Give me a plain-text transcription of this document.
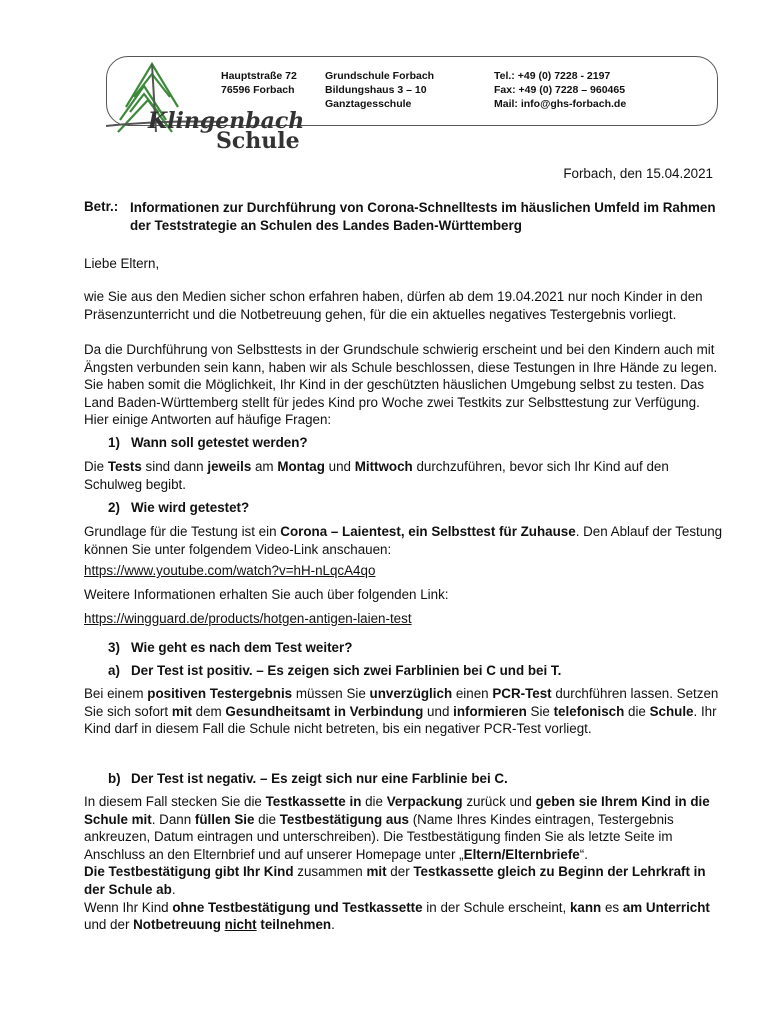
Klingenbach
Schule
Hauptstraße 72
76596 Forbach
Grundschule Forbach
Bildungshaus 3 – 10
Ganztagesschule
Tel.: +49 (0) 7228 - 2197
Fax: +49 (0) 7228 – 960465
Mail: info@ghs-forbach.de
Forbach, den 15.04.2021
Betr.: Informationen zur Durchführung von Corona-Schnelltests im häuslichen Umfeld im Rahmen der Teststrategie an Schulen des Landes Baden-Württemberg

Liebe Eltern,

wie Sie aus den Medien sicher schon erfahren haben, dürfen ab dem 19.04.2021 nur noch Kinder in den Präsenzunterricht und die Notbetreuung gehen, für die ein aktuelles negatives Testergebnis vorliegt.

Da die Durchführung von Selbsttests in der Grundschule schwierig erscheint und bei den Kindern auch mit Ängsten verbunden sein kann, haben wir als Schule beschlossen, diese Testungen in Ihre Hände zu legen. Sie haben somit die Möglichkeit, Ihr Kind in der geschützten häuslichen Umgebung selbst zu testen. Das Land Baden-Württemberg stellt für jedes Kind pro Woche zwei Testkits zur Selbsttestung zur Verfügung. Hier einige Antworten auf häufige Fragen:

1) Wann soll getestet werden?

Die Tests sind dann jeweils am Montag und Mittwoch durchzuführen, bevor sich Ihr Kind auf den Schulweg begibt.

2) Wie wird getestet?

Grundlage für die Testung ist ein Corona – Laientest, ein Selbsttest für Zuhause. Den Ablauf der Testung können Sie unter folgendem Video-Link anschauen:

https://www.youtube.com/watch?v=hH-nLqcA4qo

Weitere Informationen erhalten Sie auch über folgenden Link:

https://wingguard.de/products/hotgen-antigen-laien-test

3) Wie geht es nach dem Test weiter?
a) Der Test ist positiv. – Es zeigen sich zwei Farblinien bei C und bei T.

Bei einem positiven Testergebnis müssen Sie unverzüglich einen PCR-Test durchführen lassen. Setzen Sie sich sofort mit dem Gesundheitsamt in Verbindung und informieren Sie telefonisch die Schule. Ihr Kind darf in diesem Fall die Schule nicht betreten, bis ein negativer PCR-Test vorliegt.

b) Der Test ist negativ. – Es zeigt sich nur eine Farblinie bei C.

In diesem Fall stecken Sie die Testkassette in die Verpackung zurück und geben sie Ihrem Kind in die Schule mit. Dann füllen Sie die Testbestätigung aus (Name Ihres Kindes eintragen, Testergebnis ankreuzen, Datum eintragen und unterschreiben). Die Testbestätigung finden Sie als letzte Seite im Anschluss an den Elternbrief und auf unserer Homepage unter „Eltern/Elternbriefe“.
Die Testbestätigung gibt Ihr Kind zusammen mit der Testkassette gleich zu Beginn der Lehrkraft in der Schule ab.
Wenn Ihr Kind ohne Testbestätigung und Testkassette in der Schule erscheint, kann es am Unterricht und der Notbetreuung nicht teilnehmen.
